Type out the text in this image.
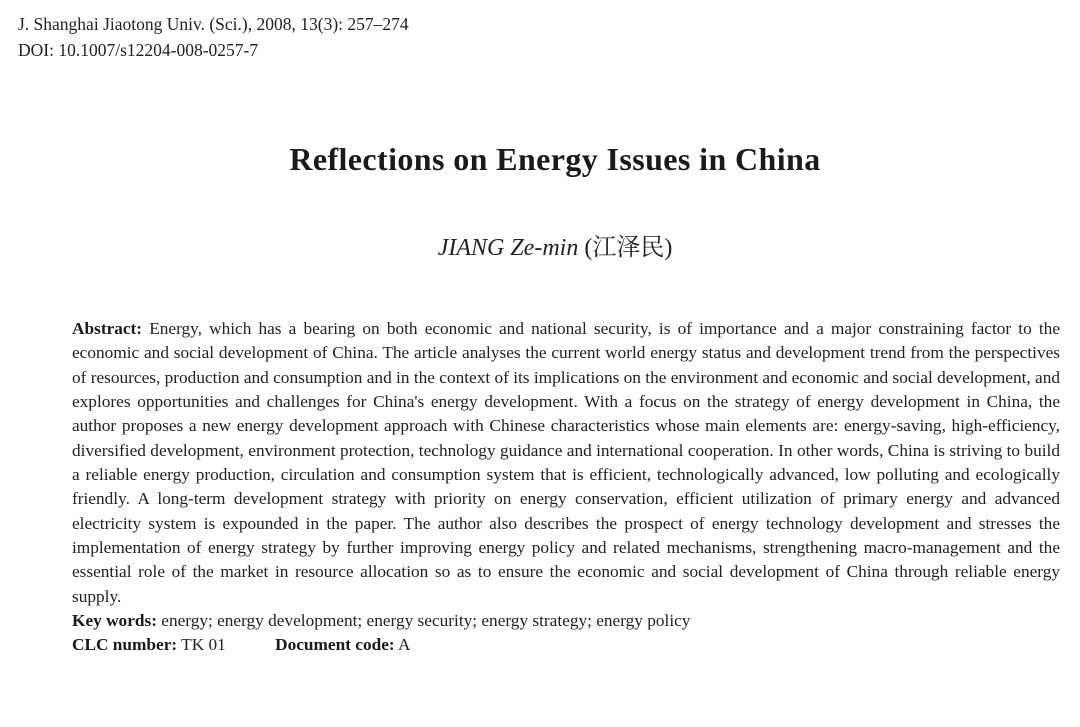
J. Shanghai Jiaotong Univ. (Sci.), 2008, 13(3): 257–274
DOI: 10.1007/s12204-008-0257-7
Reflections on Energy Issues in China
JIANG Ze-min (江泽民)

Abstract: Energy, which has a bearing on both economic and national security, is of importance and a major constraining factor to the economic and social development of China. The article analyses the current world energy status and development trend from the perspectives of resources, production and consumption and in the context of its implications on the environment and economic and social development, and explores opportunities and challenges for China's energy development. With a focus on the strategy of energy development in China, the author proposes a new energy development approach with Chinese characteristics whose main elements are: energy-saving, high-efficiency, diversified development, environment protection, technology guidance and international cooperation. In other words, China is striving to build a reliable energy production, circulation and consumption system that is efficient, technologically advanced, low polluting and ecologically friendly. A long-term development strategy with priority on energy conservation, efficient utilization of primary energy and advanced electricity system is expounded in the paper. The author also describes the prospect of energy technology development and stresses the implementation of energy strategy by further improving energy policy and related mechanisms, strengthening macro-management and the essential role of the market in resource allocation so as to ensure the economic and social development of China through reliable energy supply.

Key words: energy; energy development; energy security; energy strategy; energy policy

CLC number: TK 01	Document code: A
